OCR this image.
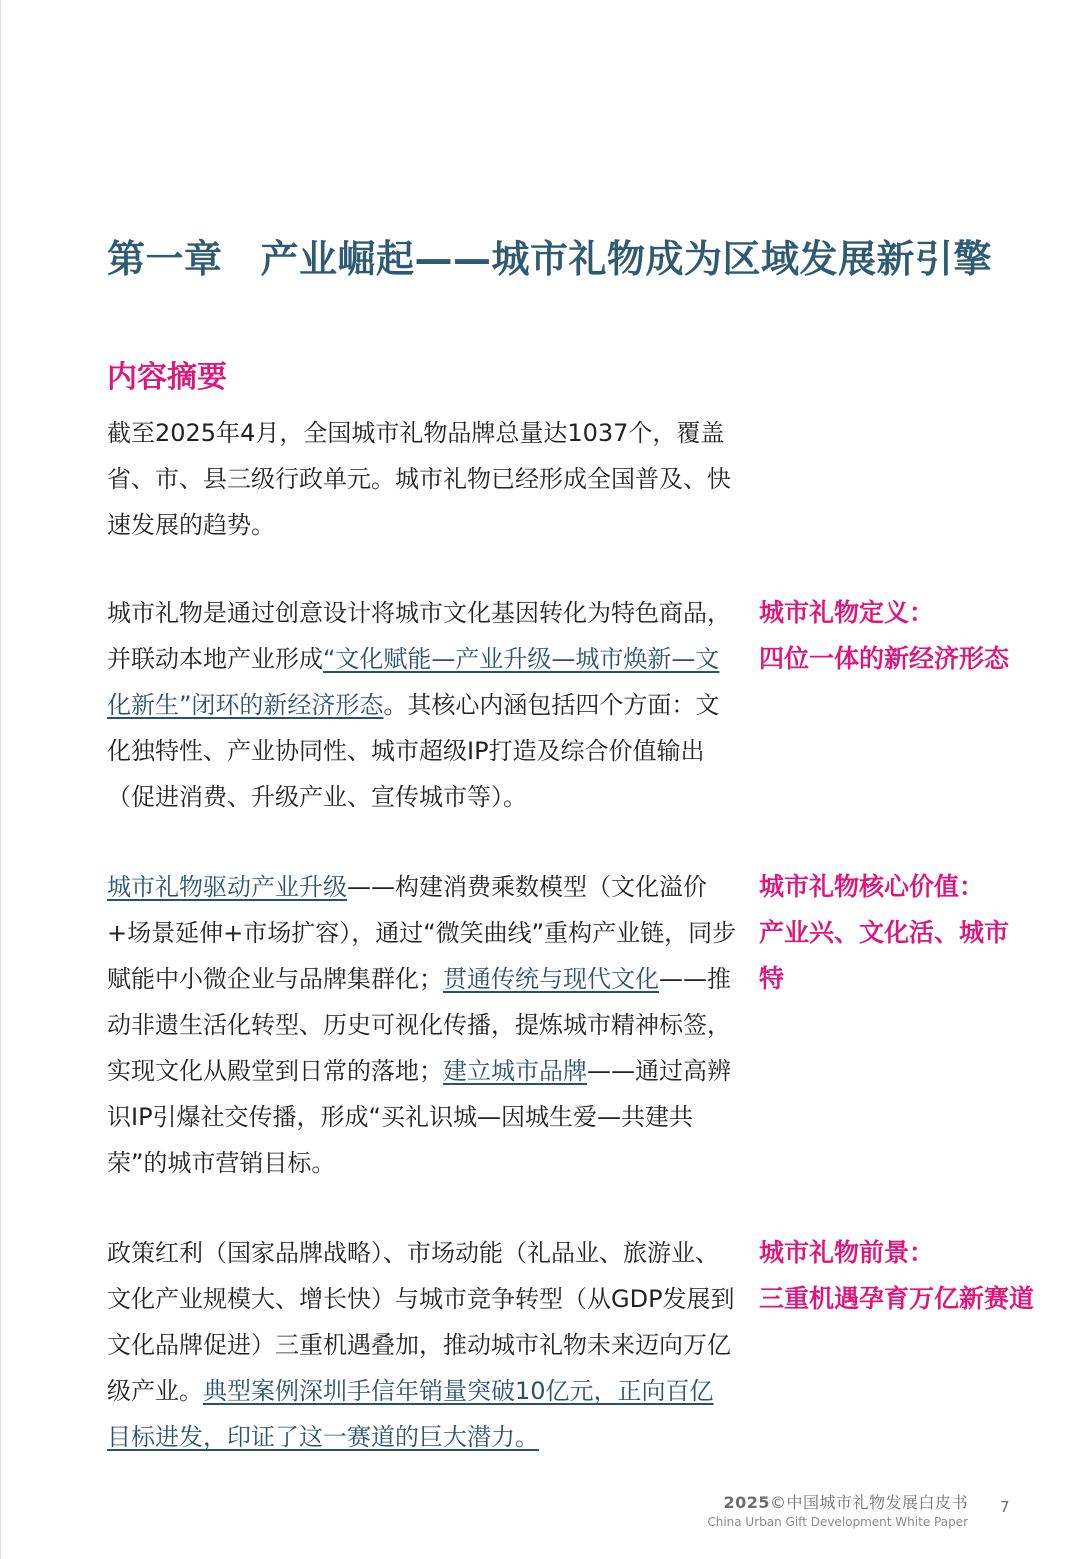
第一章 产业崛起——城市礼物成为区域发展新引擎
内容摘要

截至2025年4月，全国城市礼物品牌总量达1037个，覆盖省、市、县三级行政单元。城市礼物已经形成全国普及、快速发展的趋势。

城市礼物是通过创意设计将城市文化基因转化为特色商品，并联动本地产业形成“文化赋能—产业升级—城市焕新—文化新生”闭环的新经济形态。其核心内涵包括四个方面：文化独特性、产业协同性、城市超级IP打造及综合价值输出（促进消费、升级产业、宣传城市等）。

城市礼物定义：
四位一体的新经济形态

城市礼物驱动产业升级——构建消费乘数模型（文化溢价+场景延伸+市场扩容），通过“微笑曲线”重构产业链，同步赋能中小微企业与品牌集群化；贯通传统与现代文化——推动非遗生活化转型、历史可视化传播，提炼城市精神标签，实现文化从殿堂到日常的落地；建立城市品牌——通过高辨识IP引爆社交传播，形成“买礼识城—因城生爱—共建共荣”的城市营销目标。

城市礼物核心价值：
产业兴、文化活、城市
特

政策红利（国家品牌战略）、市场动能（礼品业、旅游业、文化产业规模大、增长快）与城市竞争转型（从GDP发展到文化品牌促进）三重机遇叠加，推动城市礼物未来迈向万亿级产业。典型案例深圳手信年销量突破10亿元，正向百亿目标进发，印证了这一赛道的巨大潜力。

城市礼物前景：
三重机遇孕育万亿新赛道
2025©中国城市礼物发展白皮书
China Urban Gift Development White Paper
7
